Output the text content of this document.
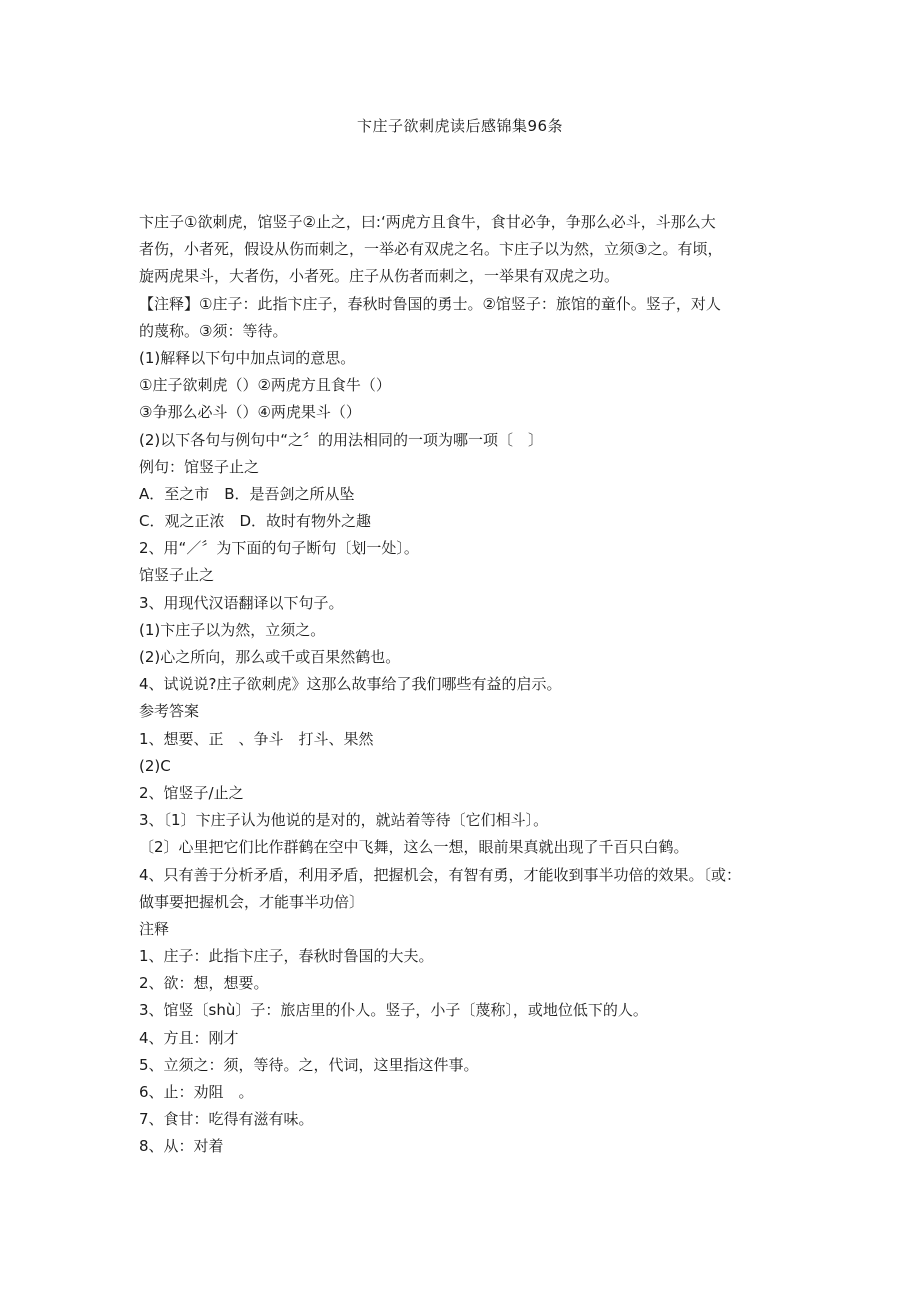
卞庄子欲刺虎读后感锦集96条
卞庄子①欲刺虎，馆竖子②止之，曰:‘两虎方且食牛，食甘必争，争那么必斗，斗那么大
者伤，小者死，假设从伤而刺之，一举必有双虎之名。卞庄子以为然，立须③之。有顷，
旋两虎果斗，大者伤，小者死。庄子从伤者而刺之，一举果有双虎之功。
【注释】①庄子：此指卞庄子，春秋时鲁国的勇士。②馆竖子：旅馆的童仆。竖子，对人
的蔑称。③须：等待。
(1)解释以下句中加点词的意思。
①庄子欲刺虎（）②两虎方且食牛（）
③争那么必斗（）④两虎果斗（）
(2)以下各句与例句中“之〞的用法相同的一项为哪一项〔　〕
例句：馆竖子止之
A．至之市　B．是吾剑之所从坠
C．观之正浓　D．故时有物外之趣
2、用“／〞为下面的句子断句〔划一处〕。
馆竖子止之
3、用现代汉语翻译以下句子。
(1)卞庄子以为然，立须之。
(2)心之所向，那么或千或百果然鹤也。
4、试说说?庄子欲刺虎》这那么故事给了我们哪些有益的启示。
参考答案
1、想要、正　、争斗　打斗、果然
(2)C
2、馆竖子/止之
3、〔1〕卞庄子认为他说的是对的，就站着等待〔它们相斗〕。
〔2〕心里把它们比作群鹤在空中飞舞，这么一想，眼前果真就出现了千百只白鹤。
4、只有善于分析矛盾，利用矛盾，把握机会，有智有勇，才能收到事半功倍的效果。〔或：
做事要把握机会，才能事半功倍〕
注释
1、庄子：此指卞庄子，春秋时鲁国的大夫。
2、欲：想，想要。
3、馆竖〔shù〕子：旅店里的仆人。竖子，小子〔蔑称〕，或地位低下的人。
4、方且：刚才
5、立须之：须，等待。之，代词，这里指这件事。
6、止：劝阻　。
7、食甘：吃得有滋有味。
8、从：对着
